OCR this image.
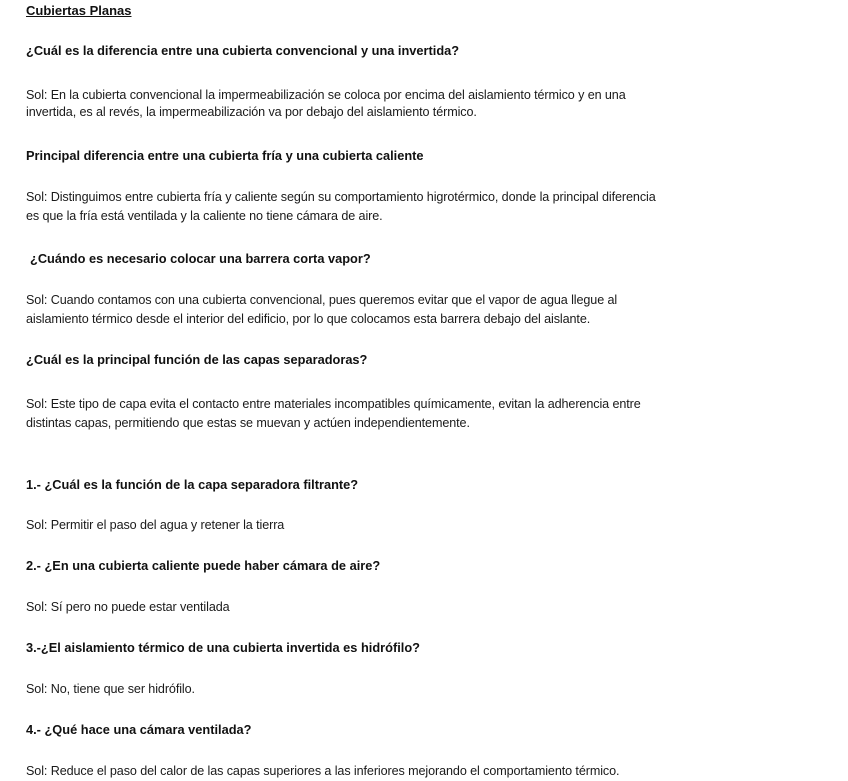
Cubiertas Planas
¿Cuál es la diferencia entre una cubierta convencional y una invertida?
Sol: En la cubierta convencional la impermeabilización se coloca por encima del aislamiento térmico y en una
invertida, es al revés, la impermeabilización va por debajo del aislamiento térmico.
Principal diferencia entre una cubierta fría y una cubierta caliente
Sol: Distinguimos entre cubierta fría y caliente según su comportamiento higrotérmico, donde la principal diferencia
es que la fría está ventilada y la caliente no tiene cámara de aire.
¿Cuándo es necesario colocar una barrera corta vapor?
Sol: Cuando contamos con una cubierta convencional, pues queremos evitar que el vapor de agua llegue al
aislamiento térmico desde el interior del edificio, por lo que colocamos esta barrera debajo del aislante.
¿Cuál es la principal función de las capas separadoras?
Sol: Este tipo de capa evita el contacto entre materiales incompatibles químicamente, evitan la adherencia entre
distintas capas, permitiendo que estas se muevan y actúen independientemente.
1.- ¿Cuál es la función de la capa separadora filtrante?
Sol: Permitir el paso del agua y retener la tierra
2.- ¿En una cubierta caliente puede haber cámara de aire?
Sol: Sí pero no puede estar ventilada
3.-¿El aislamiento térmico de una cubierta invertida es hidrófilo?
Sol: No, tiene que ser hidrófilo.
4.- ¿Qué hace una cámara ventilada?
Sol: Reduce el paso del calor de las capas superiores a las inferiores mejorando el comportamiento térmico.
